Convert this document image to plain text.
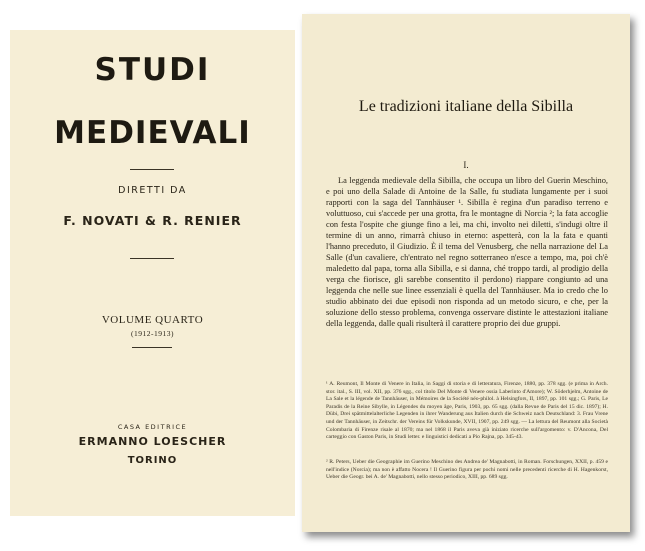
STUDI
MEDIEVALI
DIRETTI DA
F. NOVATI & R. RENIER
VOLUME QUARTO
(1912-1913)
CASA EDITRICE
ERMANNO LOESCHER
TORINO
Le tradizioni italiane della Sibilla
I.
La leggenda medievale della Sibilla, che occupa un libro del Guerin Meschino, e poi uno della Salade di Antoine de la Salle, fu studiata lungamente per i suoi rapporti con la saga del Tannhäuser ¹. Sibilla è regina d'un paradiso terreno e voluttuoso, cui s'accede per una grotta, fra le montagne di Norcia ²; la fata accoglie con festa l'ospite che giunge fino a lei, ma chi, involto nei diletti, s'indugi oltre il termine di un anno, rimarrà chiuso in eterno: aspetterà, con la la fata e quanti l'hanno preceduto, il Giudizio. È il tema del Venusberg, che nella narrazione del La Salle (d'un cavaliere, ch'entrato nel regno sotterraneo n'esce a tempo, ma, poi ch'è maledetto dal papa, torna alla Sibilla, e si danna, ché troppo tardi, al prodigio della verga che fiorisce, gli sarebbe consentito il perdono) riappare congiunto ad una leggenda che nelle sue linee essenziali è quella del Tannhäuser. Ma io credo che lo studio abbinato dei due episodi non risponda ad un metodo sicuro, e che, per la soluzione dello stesso problema, convenga osservare distinte le attestazioni italiane della leggenda, dalle quali risulterà il carattere proprio dei due gruppi.
¹ A. Reumont, Il Monte di Venere in Italia, in Saggi di storia e di letteratura, Firenze, 1880, pp. 378 sgg. (e prima in Arch. stor. ital., S. III, vol. XII, pp. 376 sgg., col titolo Del Monte di Venere ossia Laberinto d'Amore); W. Söderhjelm, Antoine de La Sale et la légende de Tannhäuser, in Mémoires de la Société néo-philol. à Helsingfors, II, 1897, pp. 101 sgg.; G. Paris, Le Paradis de la Reine Sibylle, in Légendes du moyen âge, Paris, 1903, pp. 65 sgg. (dalla Revue de Paris del 15 dic. 1897); H. Dübi, Drei spätmittelalterliche Legenden in ihrer Wanderung aus Italien durch die Schweiz nach Deutschland: 3. Frau Vrene und der Tannhäuser, in Zeitschr. der Vereins für Volkskunde, XVII, 1907, pp. 249 sgg. — La lettura del Reumont alla Società Colombaria di Firenze risale al 1870; ma nel 1868 il Paris aveva già iniziato ricerche sull'argomento: v. D'Ancona, Del carteggio con Gaston Paris, in Studi letter. e linguistici dedicati a Pio Rajna, pp. 345-43.
² R. Peters, Ueber die Geographie im Guerino Meschino des Andrea de' Magnabotti, in Roman. Forschungen, XXII, p. 459 e nell'indice (Norcia); ma non è affatto Nocera ! Il Guerino figura per pochi nomi nelle precedenti ricerche di H. Hagenkorst, Ueber die Geogr. bei A. de' Magnabotti, nello stesso periodico, XIII, pp. 689 sgg.
